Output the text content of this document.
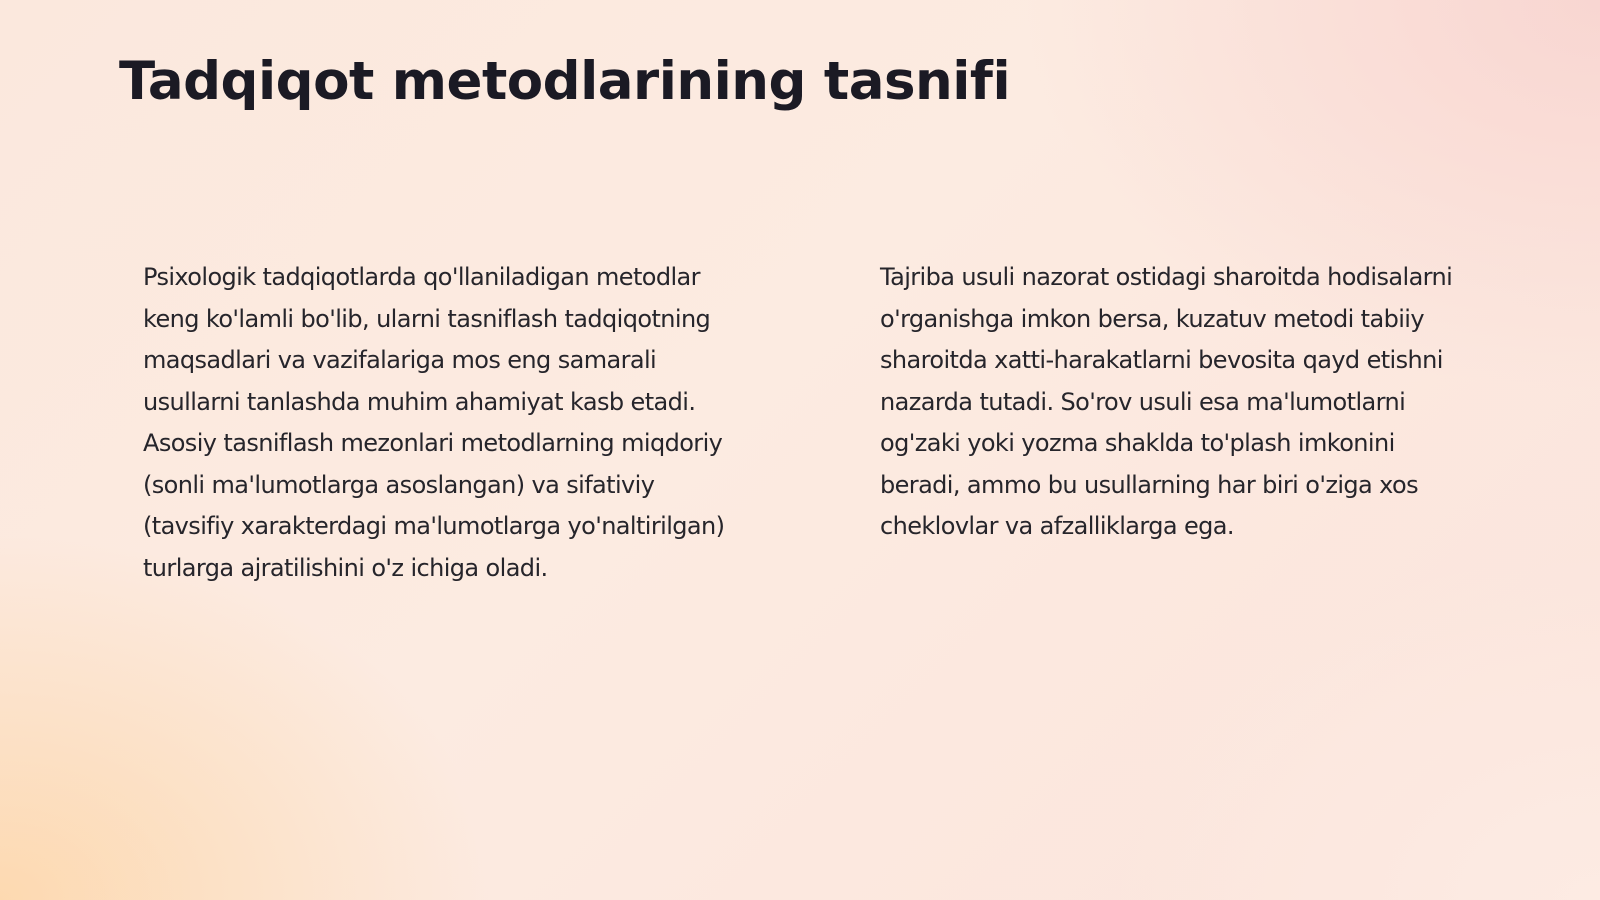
Tadqiqot metodlarining tasnifi

Psixologik tadqiqotlarda qo'llaniladigan metodlar keng ko'lamli bo'lib, ularni tasniflash tadqiqotning maqsadlari va vazifalariga mos eng samarali usullarni tanlashda muhim ahamiyat kasb etadi. Asosiy tasniflash mezonlari metodlarning miqdoriy (sonli ma'lumotlarga asoslangan) va sifativiy (tavsifiy xarakterdagi ma'lumotlarga yo'naltirilgan) turlarga ajratilishini o'z ichiga oladi.

Tajriba usuli nazorat ostidagi sharoitda hodisalarni o'rganishga imkon bersa, kuzatuv metodi tabiiy sharoitda xatti-harakatlarni bevosita qayd etishni nazarda tutadi. So'rov usuli esa ma'lumotlarni og'zaki yoki yozma shaklda to'plash imkonini beradi, ammo bu usullarning har biri o'ziga xos cheklovlar va afzalliklarga ega.
